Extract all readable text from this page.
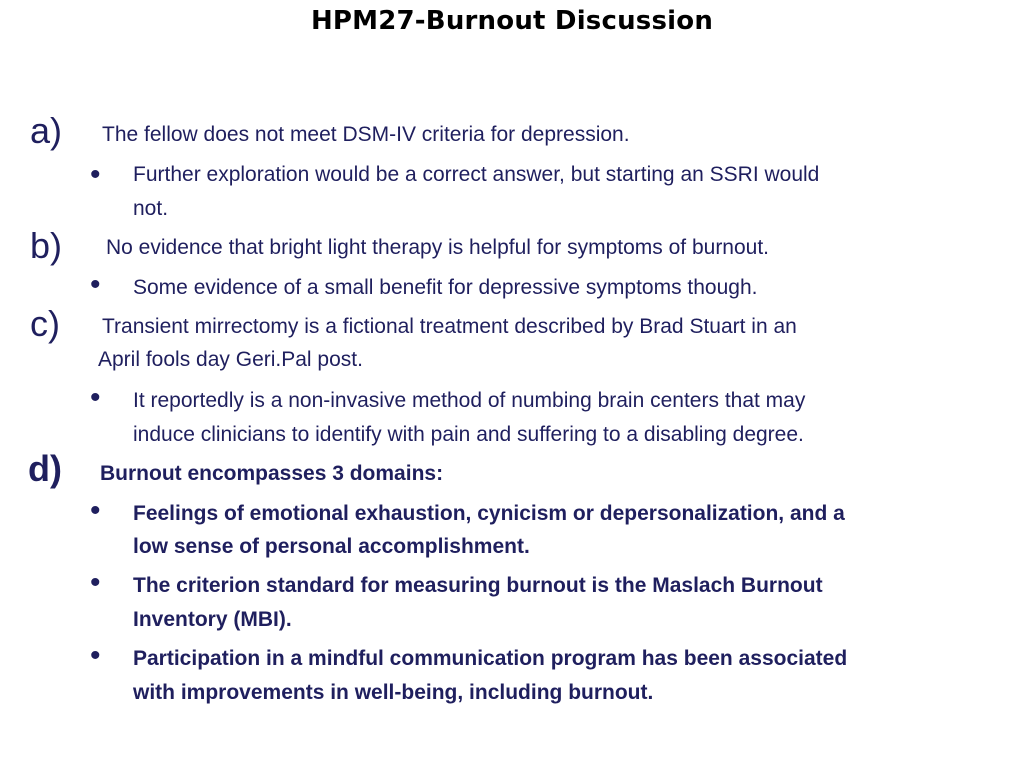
HPM27-Burnout Discussion
a) The fellow does not meet DSM-IV criteria for depression.
• Further exploration would be a correct answer, but starting an SSRI would
not.
b) No evidence that bright light therapy is helpful for symptoms of burnout.
• Some evidence of a small benefit for depressive symptoms though.
c) Transient mirrectomy is a fictional treatment described by Brad Stuart in an
April fools day Geri.Pal post.
• It reportedly is a non-invasive method of numbing brain centers that may
induce clinicians to identify with pain and suffering to a disabling degree.
d) Burnout encompasses 3 domains:
• Feelings of emotional exhaustion, cynicism or depersonalization, and a
low sense of personal accomplishment.
• The criterion standard for measuring burnout is the Maslach Burnout
Inventory (MBI).
• Participation in a mindful communication program has been associated
with improvements in well-being, including burnout.
